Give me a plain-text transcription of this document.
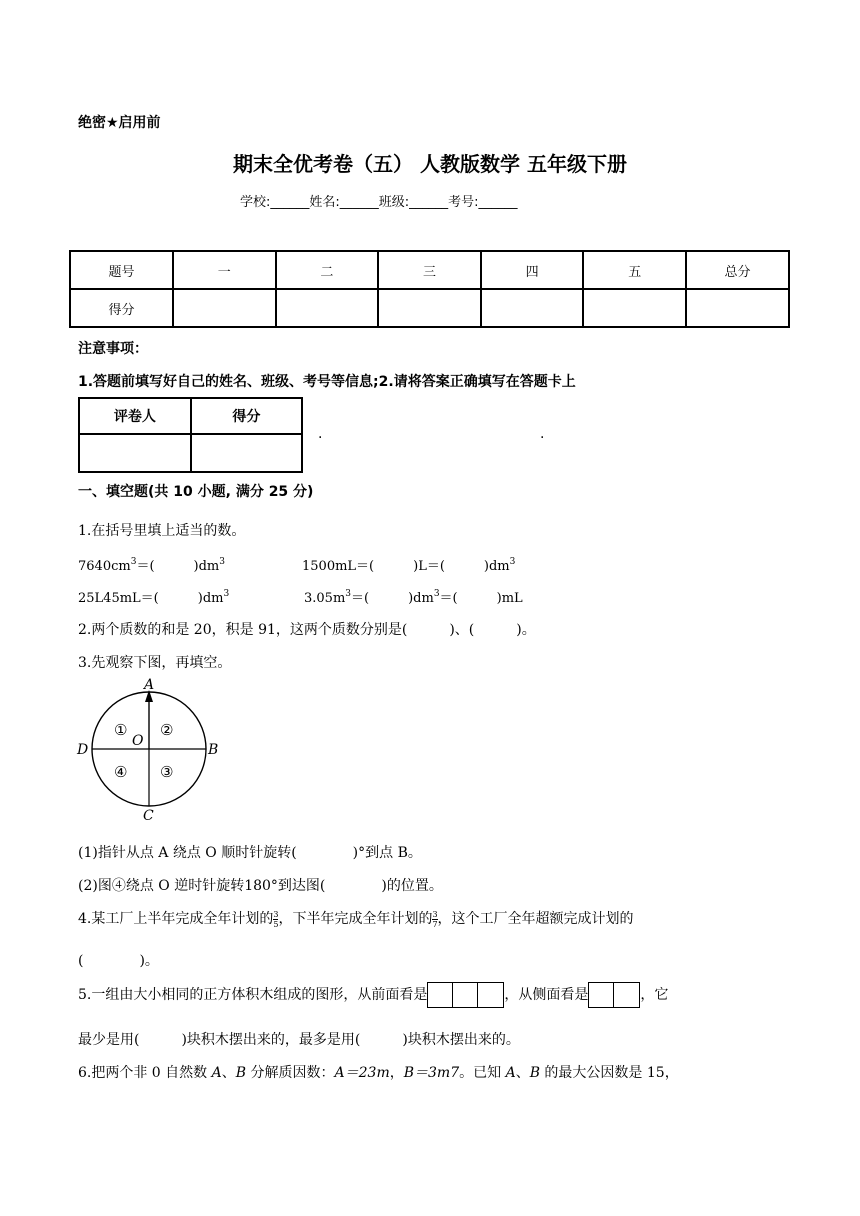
绝密★启用前
期末全优考卷（五） 人教版数学 五年级下册
学校:______姓名:______班级:______考号:______
题号	一	二	三	四	五	总分
得分						
注意事项：
1.答题前填写好自己的姓名、班级、考号等信息;2.请将答案正确填写在答题卡上
评卷人	得分

.	.
一、填空题(共 10 小题, 满分 25 分)
1.在括号里填上适当的数。
$7640cm^3=$(　　　)$dm^3$	1500mL＝(　　　)L＝(　　　)$dm^3$
25L45mL＝(　　　)$dm^3$	$3.05m^3=$(　　　)$dm^3=$(　　　)mL
2.两个质数的和是 20，积是 91，这两个质数分别是(　　　)、(　　　)。
3.先观察下图，再填空。
A
B
C
D
O
① ②
③
④
(1)指针从点 A 绕点 O 顺时针旋转(　　　　)°到点 B。
(2)图④绕点 O 逆时针旋转180°到达图(　　　　)的位置。
4.某工厂上半年完成全年计划的 $\frac{3}{5}$ ，下半年完成全年计划的 $\frac{3}{7}$ ，这个工厂全年超额完成计划的
(　　　　)。
5.一组由大小相同的正方体积木组成的图形，从前面看是	，从侧面看是	，它
最少是用(　　　)块积木摆出来的，最多是用(　　　)块积木摆出来的。
6.把两个非 0 自然数 A、B 分解质因数：A＝23m，B＝3m7。已知 A、B 的最大公因数是 15，
